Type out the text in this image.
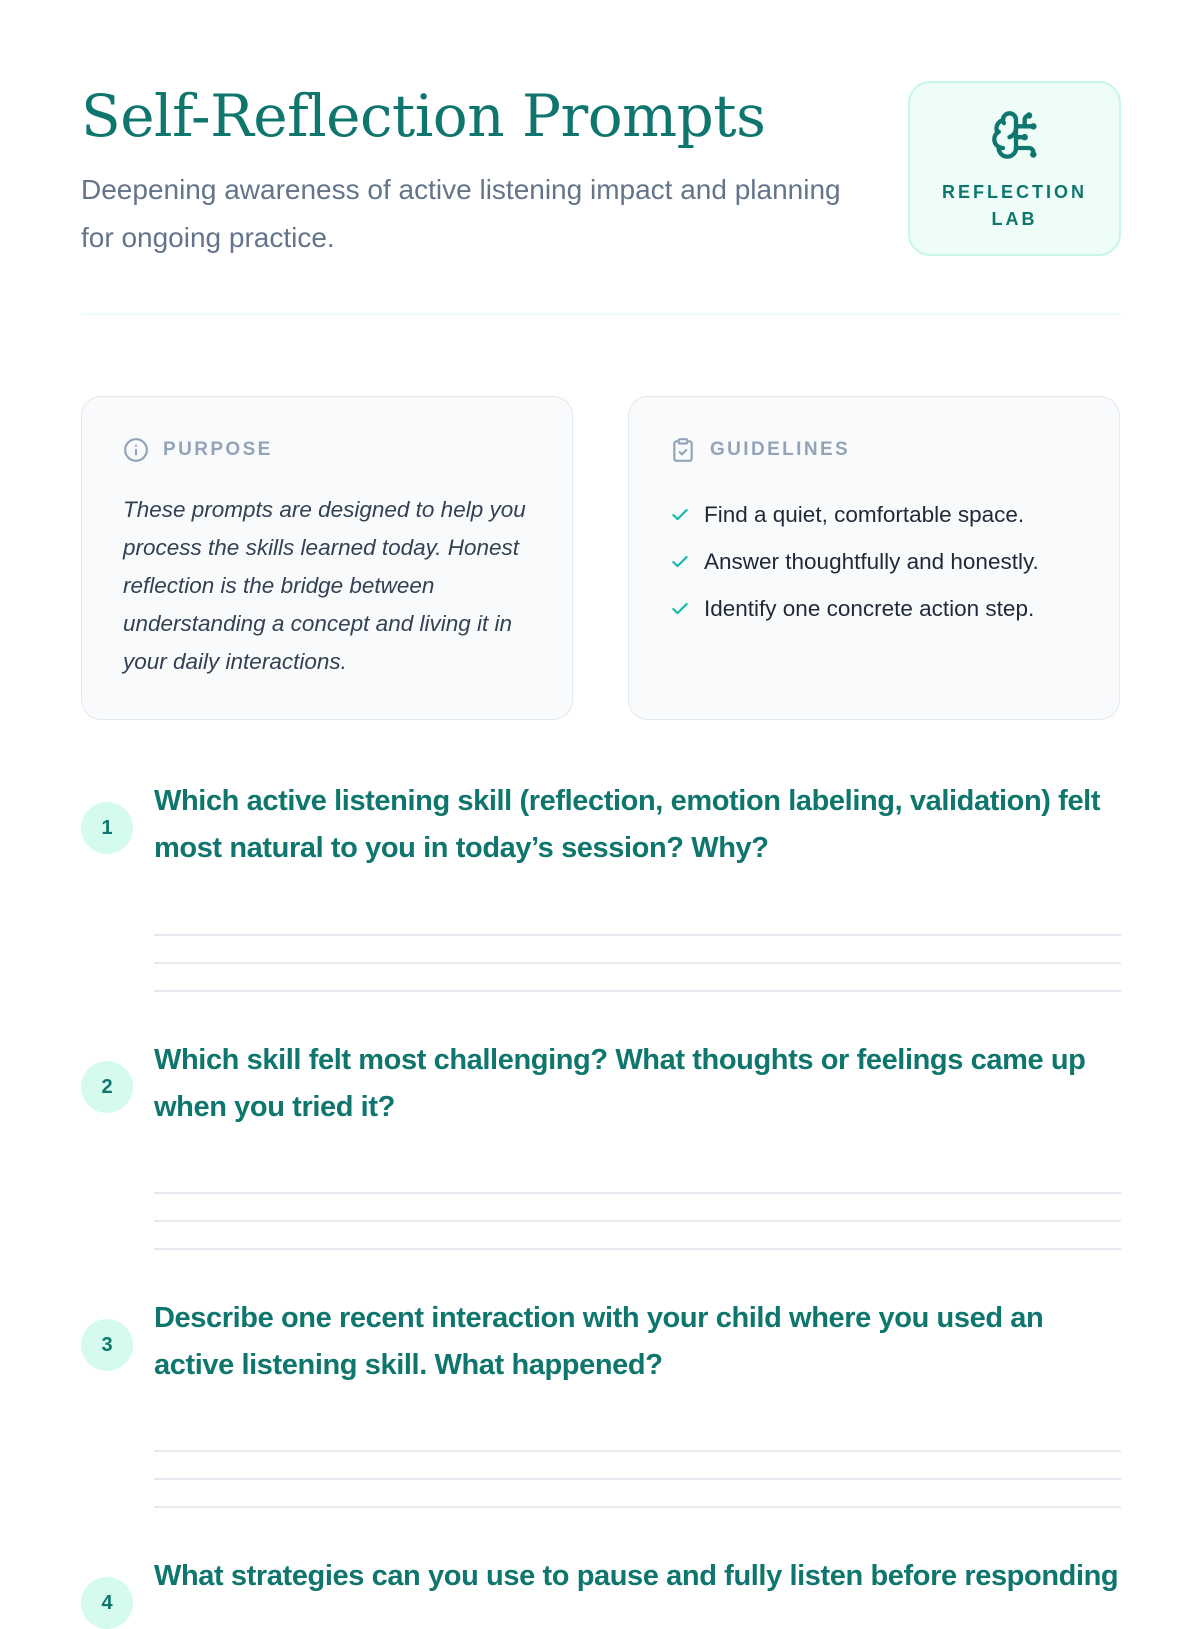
Self-Reflection Prompts

Deepening awareness of active listening impact and planning for ongoing practice.

REFLECTION LAB
PURPOSE

These prompts are designed to help you process the skills learned today. Honest reflection is the bridge between understanding a concept and living it in your daily interactions.

GUIDELINES
Find a quiet, comfortable space.
Answer thoughtfully and honestly.
Identify one concrete action step.
1
Which active listening skill (reflection, emotion labeling, validation) felt most natural to you in today’s session? Why?
2
Which skill felt most challenging? What thoughts or feelings came up when you tried it?
3
Describe one recent interaction with your child where you used an active listening skill. What happened?
4
What strategies can you use to pause and fully listen before responding
